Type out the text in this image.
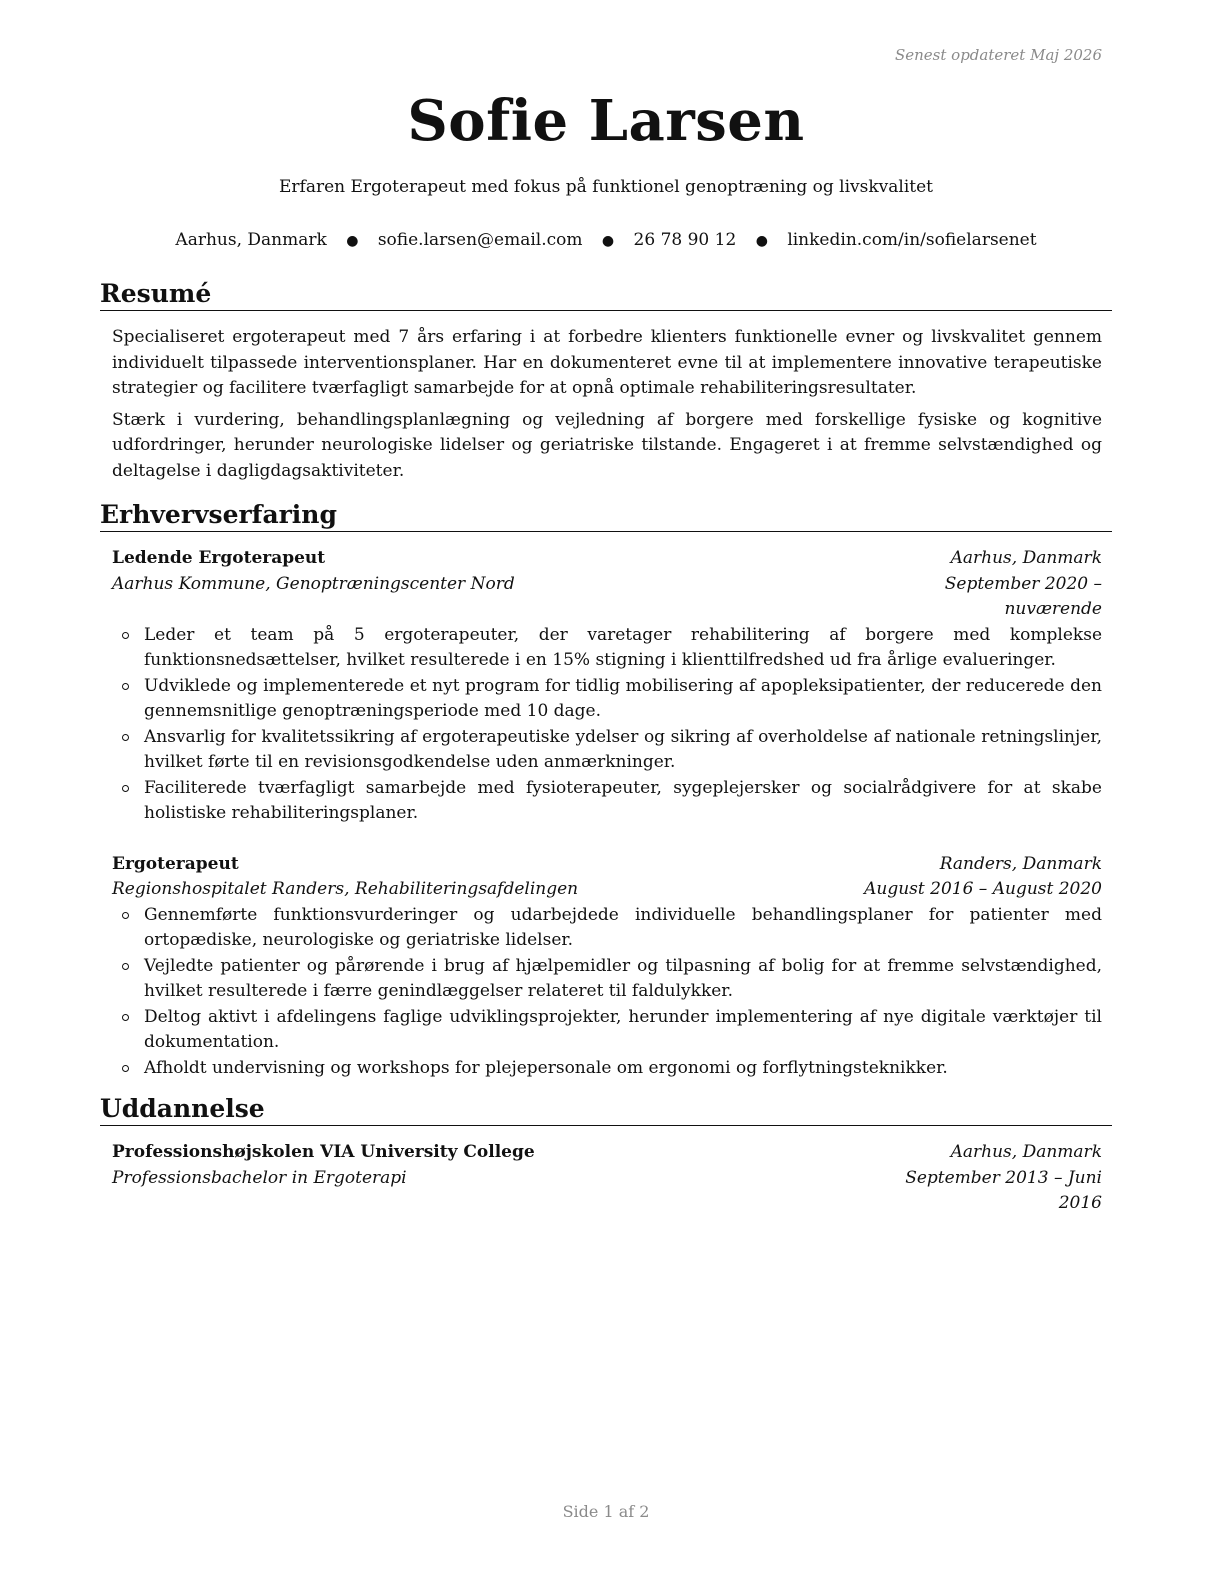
Senest opdateret Maj 2026
Sofie Larsen
Erfaren Ergoterapeut med fokus på funktionel genoptræning og livskvalitet
Aarhus, Danmark ● sofie.larsen@email.com ● 26 78 90 12 ● linkedin.com/in/sofielarsenet
Resumé

Specialiseret ergoterapeut med 7 års erfaring i at forbedre klienters funktionelle evner og livskvalitet gennem individuelt tilpassede interventionsplaner. Har en dokumenteret evne til at implementere innovative terapeutiske strategier og facilitere tværfagligt samarbejde for at opnå optimale rehabiliteringsresultater.

Stærk i vurdering, behandlingsplanlægning og vejledning af borgere med forskellige fysiske og kognitive udfordringer, herunder neurologiske lidelser og geriatriske tilstande. Engageret i at fremme selvstændighed og deltagelse i dagligdagsaktiviteter.

Erhvervserfaring
Ledende Ergoterapeut	Aarhus, Danmark
Aarhus Kommune, Genoptræningscenter Nord	September 2020 – nuværende
Leder et team på 5 ergoterapeuter, der varetager rehabilitering af borgere med komplekse funktionsnedsættelser, hvilket resulterede i en 15% stigning i klienttilfredshed ud fra årlige evalueringer.
Udviklede og implementerede et nyt program for tidlig mobilisering af apopleksipatienter, der reducerede den gennemsnitlige genoptræningsperiode med 10 dage.
Ansvarlig for kvalitetssikring af ergoterapeutiske ydelser og sikring af overholdelse af nationale retningslinjer, hvilket førte til en revisionsgodkendelse uden anmærkninger.
Faciliterede tværfagligt samarbejde med fysioterapeuter, sygeplejersker og socialrådgivere for at skabe holistiske rehabiliteringsplaner.
Ergoterapeut	Randers, Danmark
Regionshospitalet Randers, Rehabiliteringsafdelingen	August 2016 – August 2020
Gennemførte funktionsvurderinger og udarbejdede individuelle behandlingsplaner for patienter med ortopædiske, neurologiske og geriatriske lidelser.
Vejledte patienter og pårørende i brug af hjælpemidler og tilpasning af bolig for at fremme selvstændighed, hvilket resulterede i færre genindlæggelser relateret til faldulykker.
Deltog aktivt i afdelingens faglige udviklingsprojekter, herunder implementering af nye digitale værktøjer til dokumentation.
Afholdt undervisning og workshops for plejepersonale om ergonomi og forflytningsteknikker.
Uddannelse
Professionshøjskolen VIA University College	Aarhus, Danmark
Professionsbachelor in Ergoterapi	September 2013 – Juni 2016
Side 1 af 2
